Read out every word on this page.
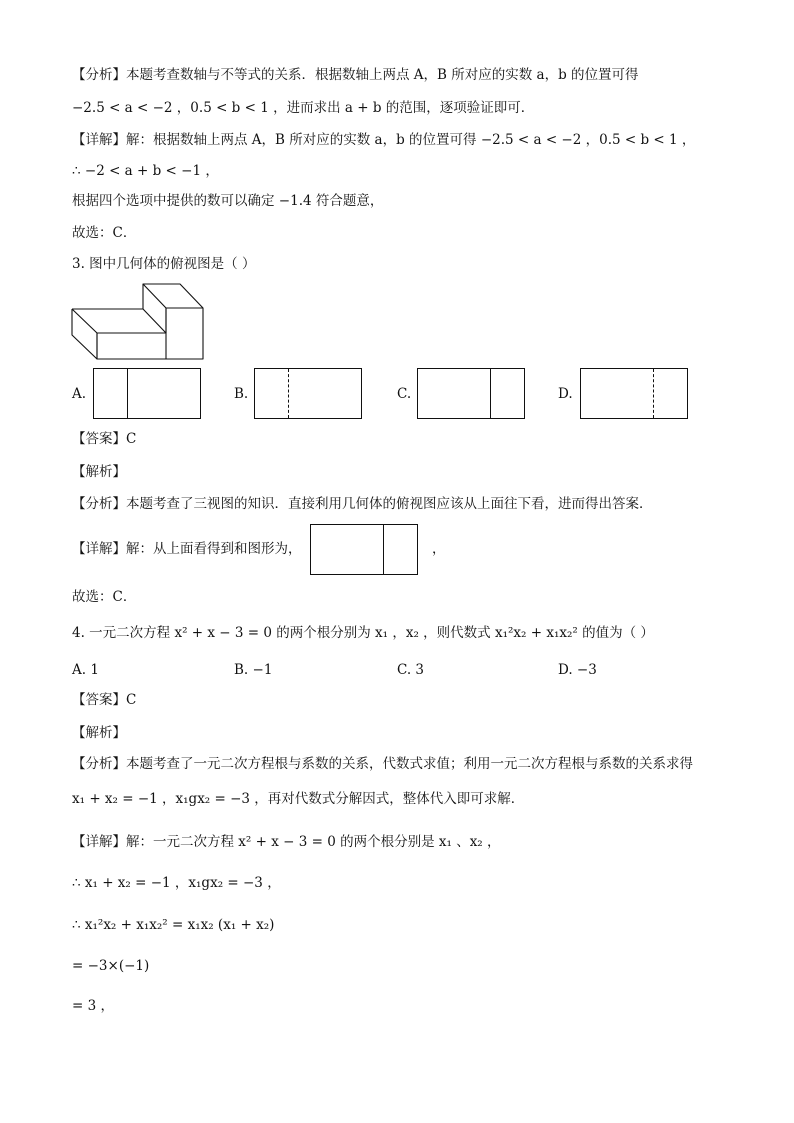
【分析】本题考查数轴与不等式的关系．根据数轴上两点 A，B 所对应的实数 a，b 的位置可得
−2.5 < a < −2 ，0.5 < b < 1 ，进而求出 a + b 的范围，逐项验证即可．
【详解】解：根据数轴上两点 A，B 所对应的实数 a，b 的位置可得 −2.5 < a < −2 ，0.5 < b < 1 ，
∴ −2 < a + b < −1 ，
根据四个选项中提供的数可以确定 −1.4 符合题意，
故选：C．
3. 图中几何体的俯视图是（ ）
A.	B.	C.	D.
【答案】C
【解析】
【分析】本题考查了三视图的知识．直接利用几何体的俯视图应该从上面往下看，进而得出答案．
【详解】解：从上面看得到和图形为，	，
故选：C．
4. 一元二次方程 x² + x − 3 = 0 的两个根分别为 x₁ ，x₂ ，则代数式 x₁²x₂ + x₁x₂² 的值为（ ）
A. 1	B. −1	C. 3	D. −3
【答案】C
【解析】
【分析】本题考查了一元二次方程根与系数的关系，代数式求值；利用一元二次方程根与系数的关系求得
x₁ + x₂ = −1 ，x₁gx₂ = −3 ，再对代数式分解因式，整体代入即可求解．
【详解】解：一元二次方程 x² + x − 3 = 0 的两个根分别是 x₁ 、x₂ ，
∴ x₁ + x₂ = −1 ，x₁gx₂ = −3 ，
∴ x₁²x₂ + x₁x₂² = x₁x₂ (x₁ + x₂)
= −3×(−1)
= 3 ，
